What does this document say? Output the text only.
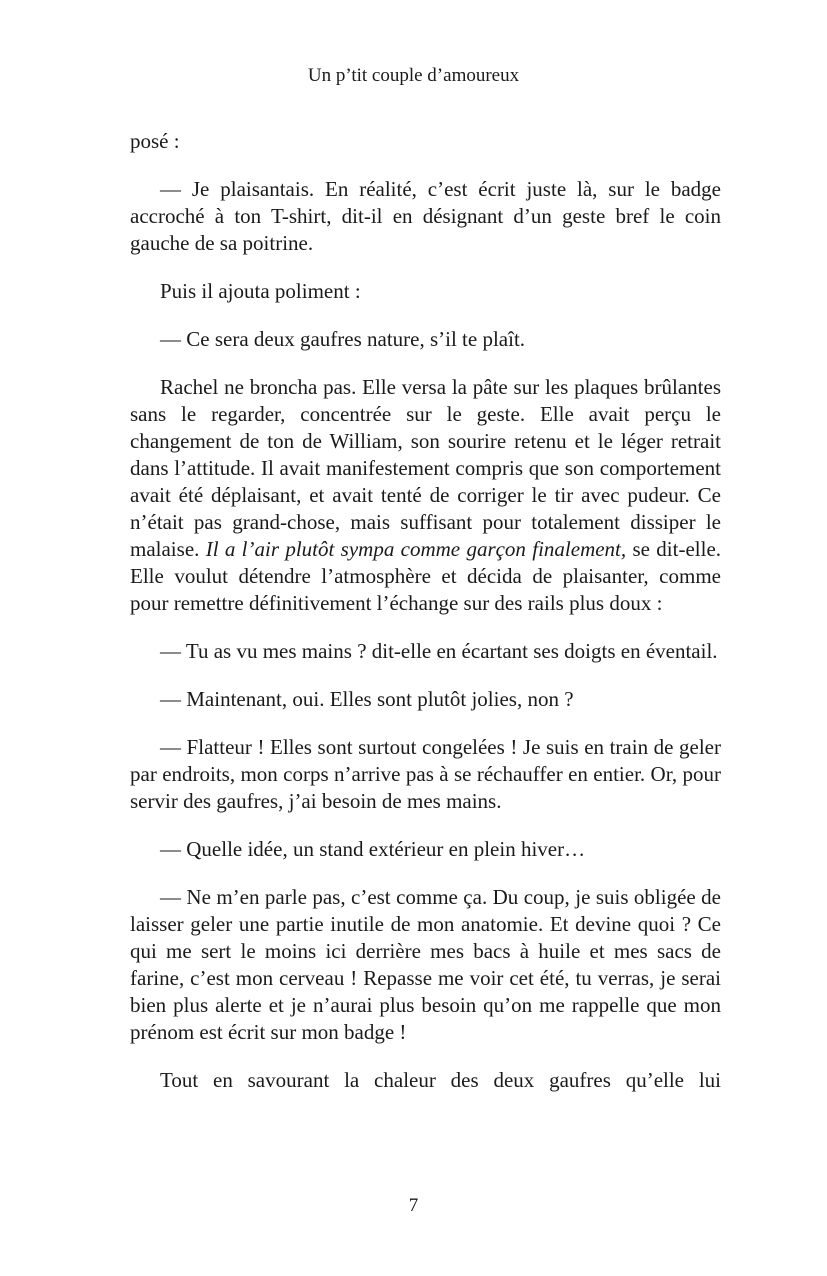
Un p’tit couple d’amoureux

posé :

— Je plaisantais. En réalité, c’est écrit juste là, sur le badge accroché à ton T-shirt, dit-il en désignant d’un geste bref le coin gauche de sa poitrine.

Puis il ajouta poliment :

— Ce sera deux gaufres nature, s’il te plaît.

Rachel ne broncha pas. Elle versa la pâte sur les plaques brûlantes sans le regarder, concentrée sur le geste. Elle avait perçu le changement de ton de William, son sourire retenu et le léger retrait dans l’attitude. Il avait manifestement compris que son comportement avait été déplaisant, et avait tenté de corriger le tir avec pudeur. Ce n’était pas grand-chose, mais suffisant pour totalement dissiper le malaise. Il a l’air plutôt sympa comme garçon finalement, se dit-elle. Elle voulut détendre l’atmosphère et décida de plaisanter, comme pour remettre définitivement l’échange sur des rails plus doux :

— Tu as vu mes mains ? dit-elle en écartant ses doigts en éventail.

— Maintenant, oui. Elles sont plutôt jolies, non ?

— Flatteur ! Elles sont surtout congelées ! Je suis en train de geler par endroits, mon corps n’arrive pas à se réchauffer en entier. Or, pour servir des gaufres, j’ai besoin de mes mains.

— Quelle idée, un stand extérieur en plein hiver…

— Ne m’en parle pas, c’est comme ça. Du coup, je suis obligée de laisser geler une partie inutile de mon anatomie. Et devine quoi ? Ce qui me sert le moins ici derrière mes bacs à huile et mes sacs de farine, c’est mon cerveau ! Repasse me voir cet été, tu verras, je serai bien plus alerte et je n’aurai plus besoin qu’on me rappelle que mon prénom est écrit sur mon badge !

Tout en savourant la chaleur des deux gaufres qu’elle lui

7
